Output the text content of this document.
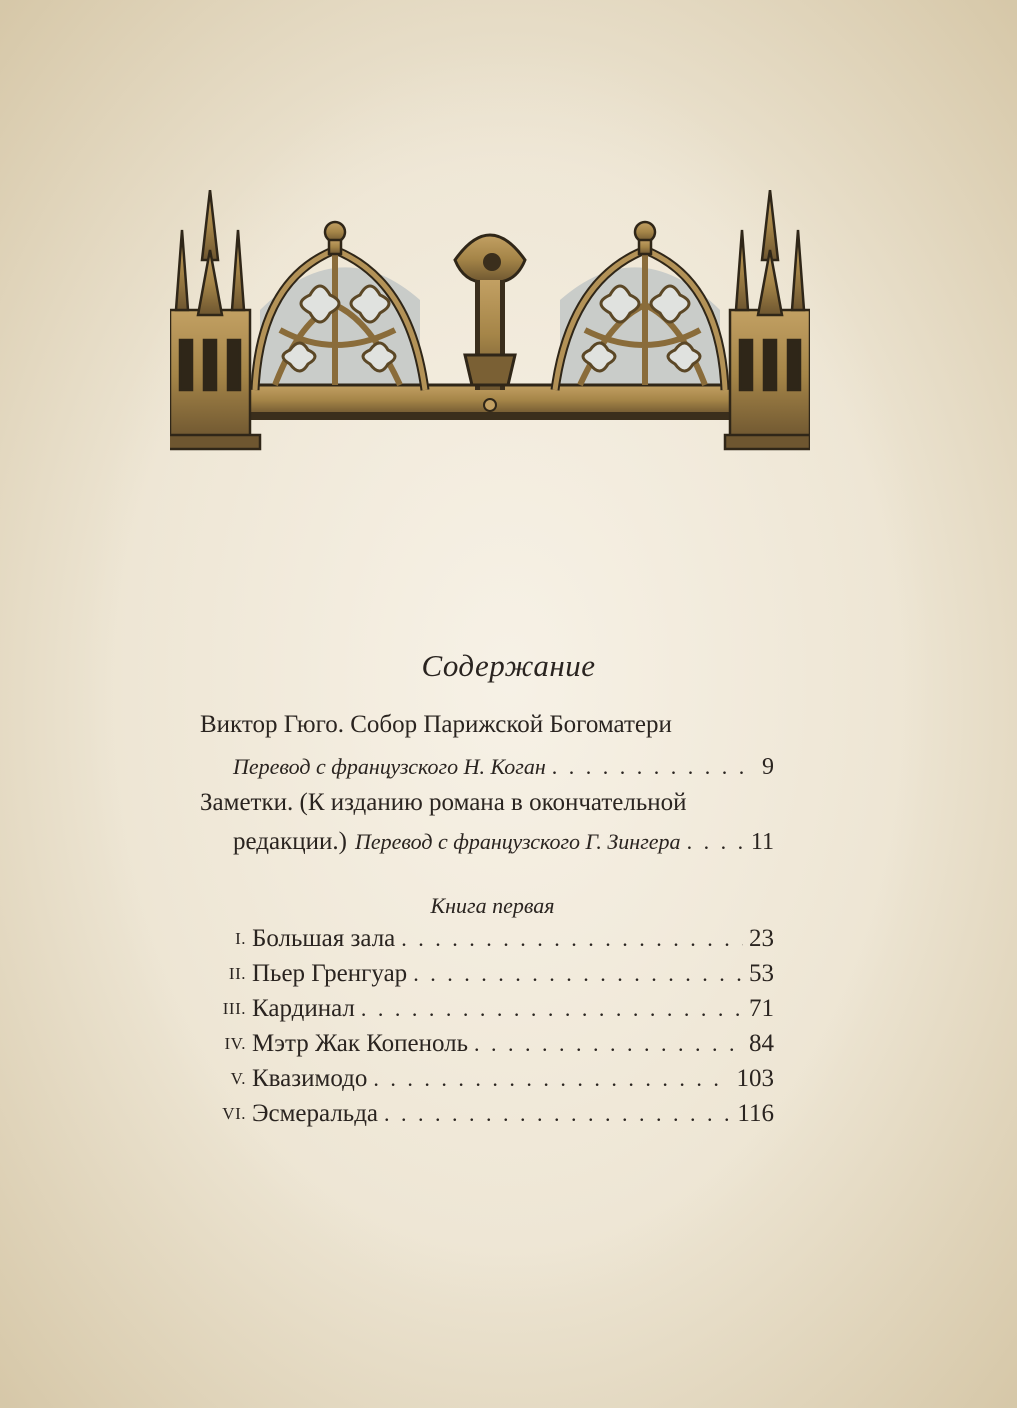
Содержание
Виктор Гюго. Собор Парижской Богоматери
Перевод с французского Н. Коган . . .	9
Заметки. (К изданию романа в окончательной
редакции.) Перевод с французского Г. Зингера . . .	11
Книга первая
I. Большая зала . . .	23
II. Пьер Гренгуар . . .	53
III. Кардинал . . .	71
IV. Мэтр Жак Копеноль . . .	84
V. Квазимодо . . .	103
VI. Эсмеральда . . .	116
